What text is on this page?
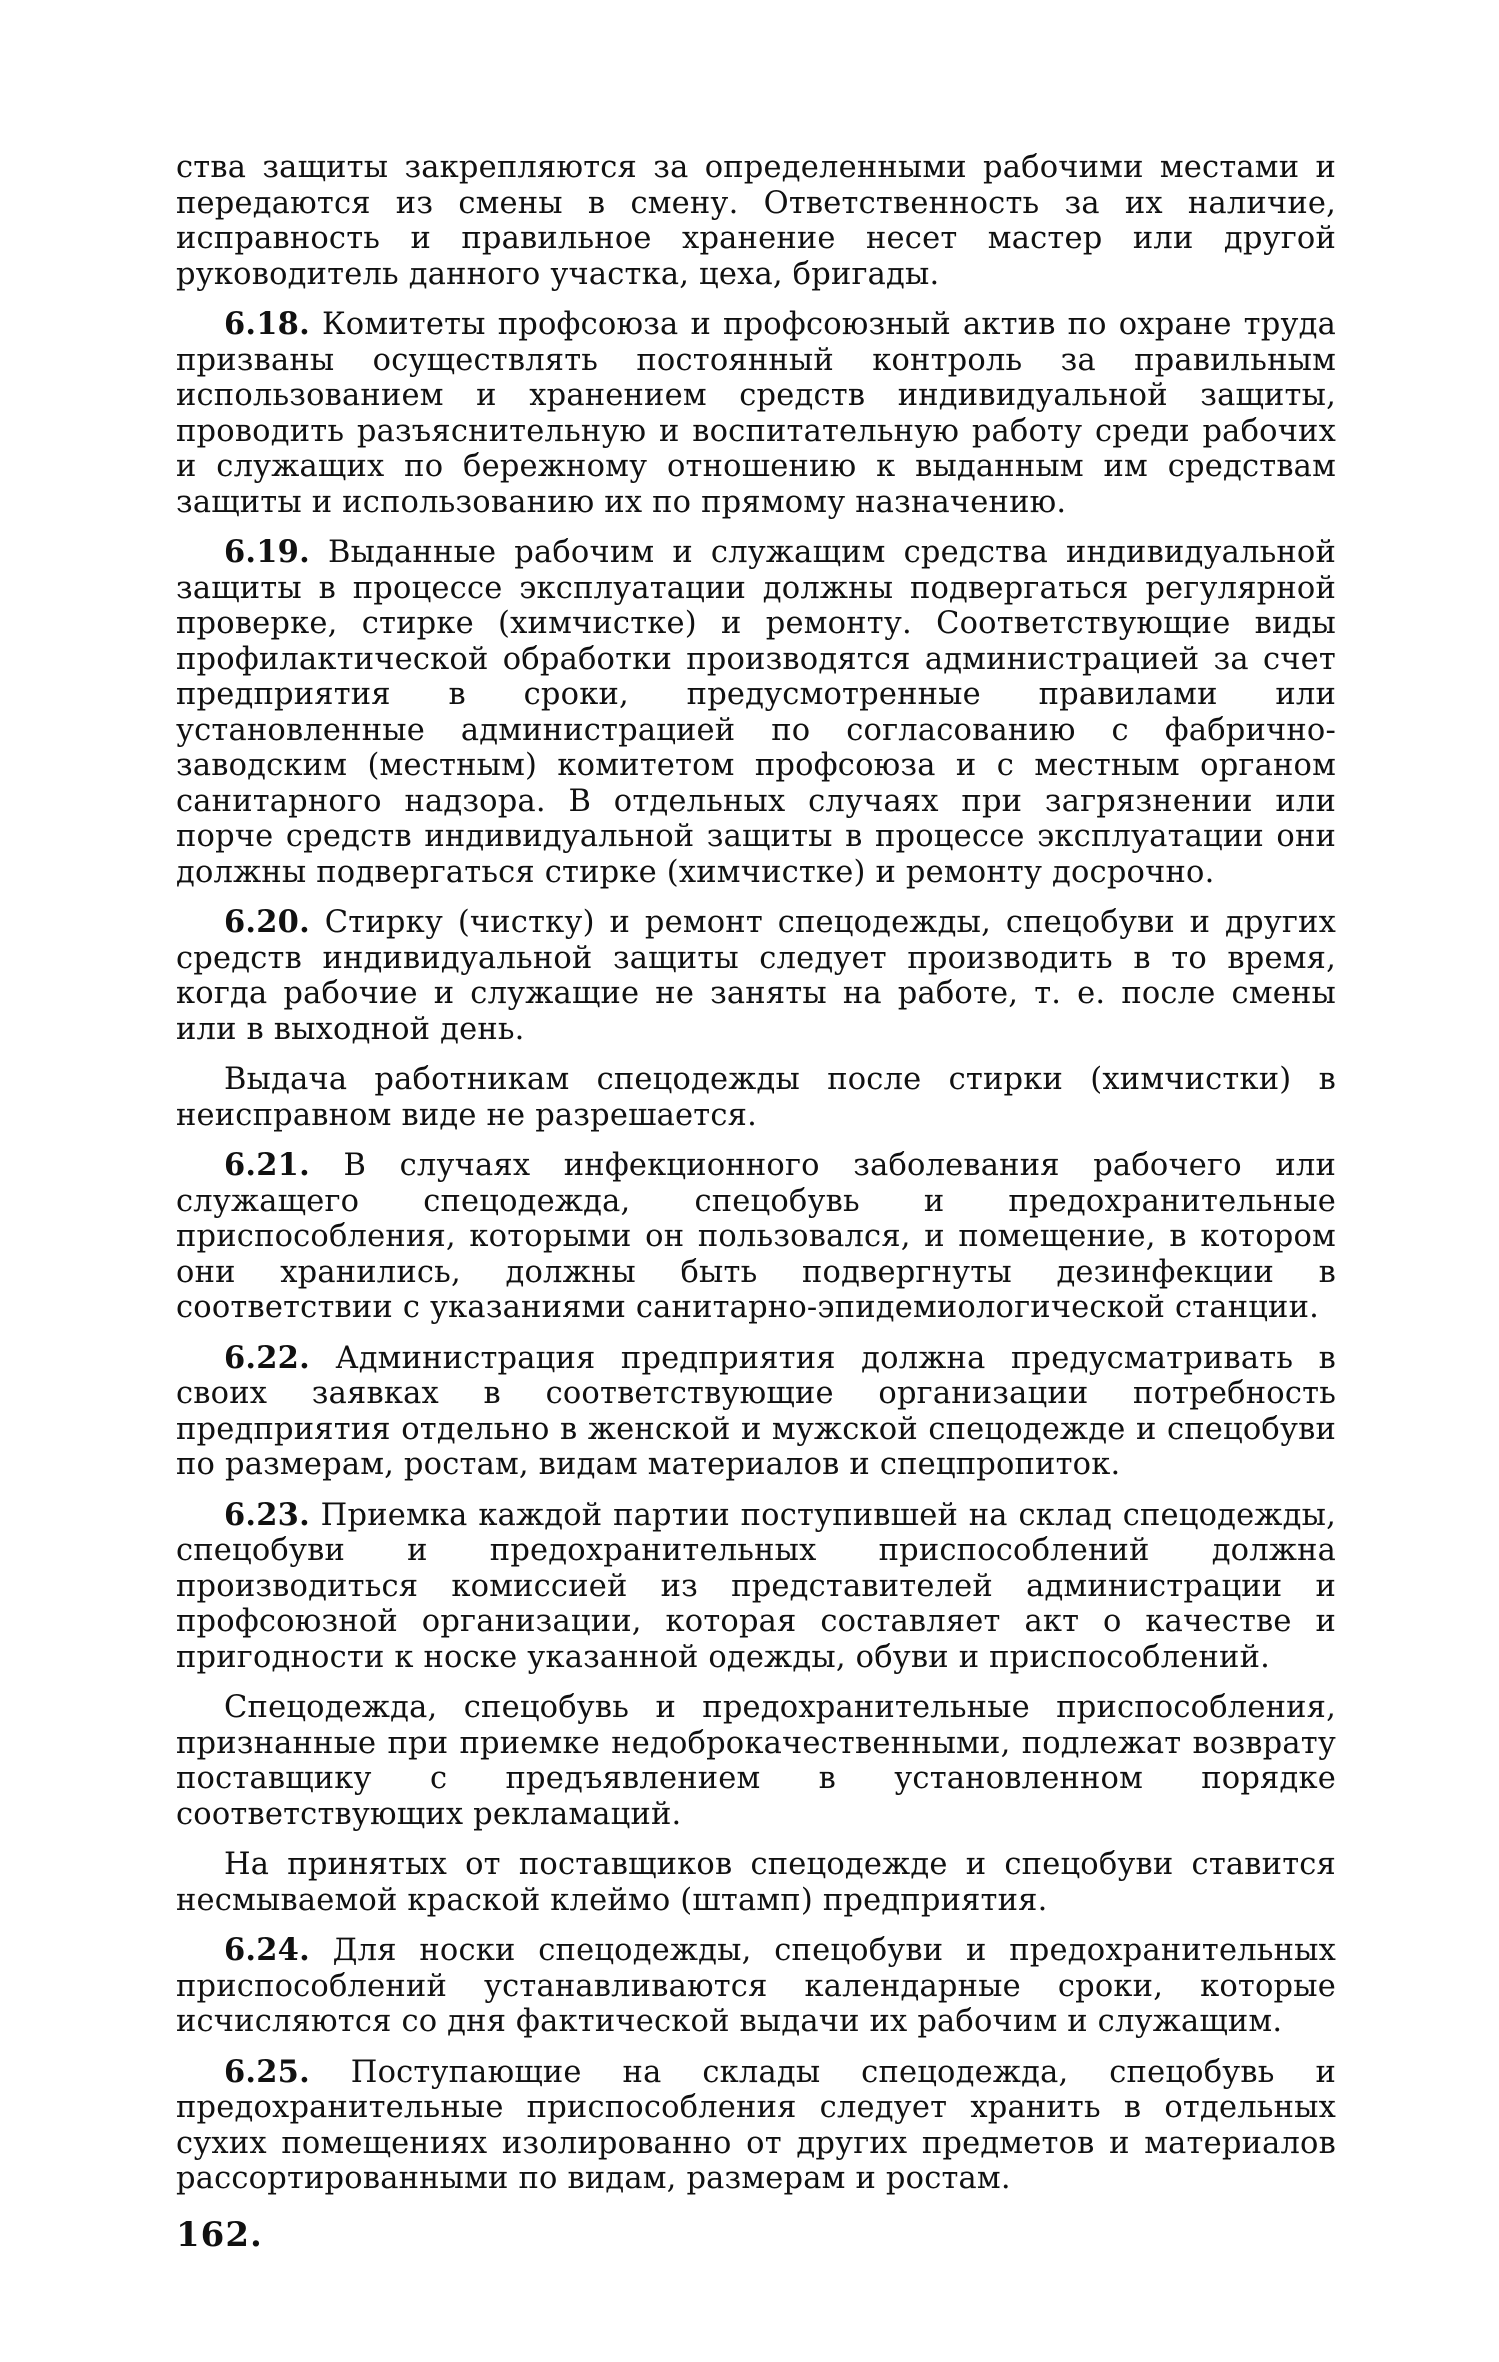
ства защиты закрепляются за определенными рабочими местами и передаются из смены в смену. Ответственность за их наличие, исправность и правильное хранение несет мастер или другой руководитель данного участка, цеха, бригады.

6.18. Комитеты профсоюза и профсоюзный актив по охране труда призваны осуществлять постоянный контроль за правильным использованием и хранением средств индивидуальной защиты, проводить разъяснительную и воспитательную работу среди рабочих и служащих по бережному отношению к выданным им средствам защиты и использованию их по прямому назначению.

6.19. Выданные рабочим и служащим средства индивидуальной защиты в процессе эксплуатации должны подвергаться регулярной проверке, стирке (химчистке) и ремонту. Соответствующие виды профилактической обработки производятся администрацией за счет предприятия в сроки, предусмотренные правилами или установленные администрацией по согласованию с фабрично-заводским (местным) комитетом профсоюза и с местным органом санитарного надзора. В отдельных случаях при загрязнении или порче средств индивидуальной защиты в процессе эксплуатации они должны подвергаться стирке (химчистке) и ремонту досрочно.

6.20. Стирку (чистку) и ремонт спецодежды, спецобуви и других средств индивидуальной защиты следует производить в то время, когда рабочие и служащие не заняты на работе, т. е. после смены или в выходной день.

Выдача работникам спецодежды после стирки (химчистки) в неисправном виде не разрешается.

6.21. В случаях инфекционного заболевания рабочего или служащего спецодежда, спецобувь и предохранительные приспособления, которыми он пользовался, и помещение, в котором они хранились, должны быть подвергнуты дезинфекции в соответствии с указаниями санитарно-эпидемиологической станции.

6.22. Администрация предприятия должна предусматривать в своих заявках в соответствующие организации потребность предприятия отдельно в женской и мужской спецодежде и спецобуви по размерам, ростам, видам материалов и спецпропиток.

6.23. Приемка каждой партии поступившей на склад спецодежды, спецобуви и предохранительных приспособлений должна производиться комиссией из представителей администрации и профсоюзной организации, которая составляет акт о качестве и пригодности к носке указанной одежды, обуви и приспособлений.

Спецодежда, спецобувь и предохранительные приспособления, признанные при приемке недоброкачественными, подлежат возврату поставщику с предъявлением в установленном порядке соответствующих рекламаций.

На принятых от поставщиков спецодежде и спецобуви ставится несмываемой краской клеймо (штамп) предприятия.

6.24. Для носки спецодежды, спецобуви и предохранительных приспособлений устанавливаются календарные сроки, которые исчисляются со дня фактической выдачи их рабочим и служащим.

6.25. Поступающие на склады спецодежда, спецобувь и предохранительные приспособления следует хранить в отдельных сухих помещениях изолированно от других предметов и материалов рассортированными по видам, размерам и ростам.

162.
